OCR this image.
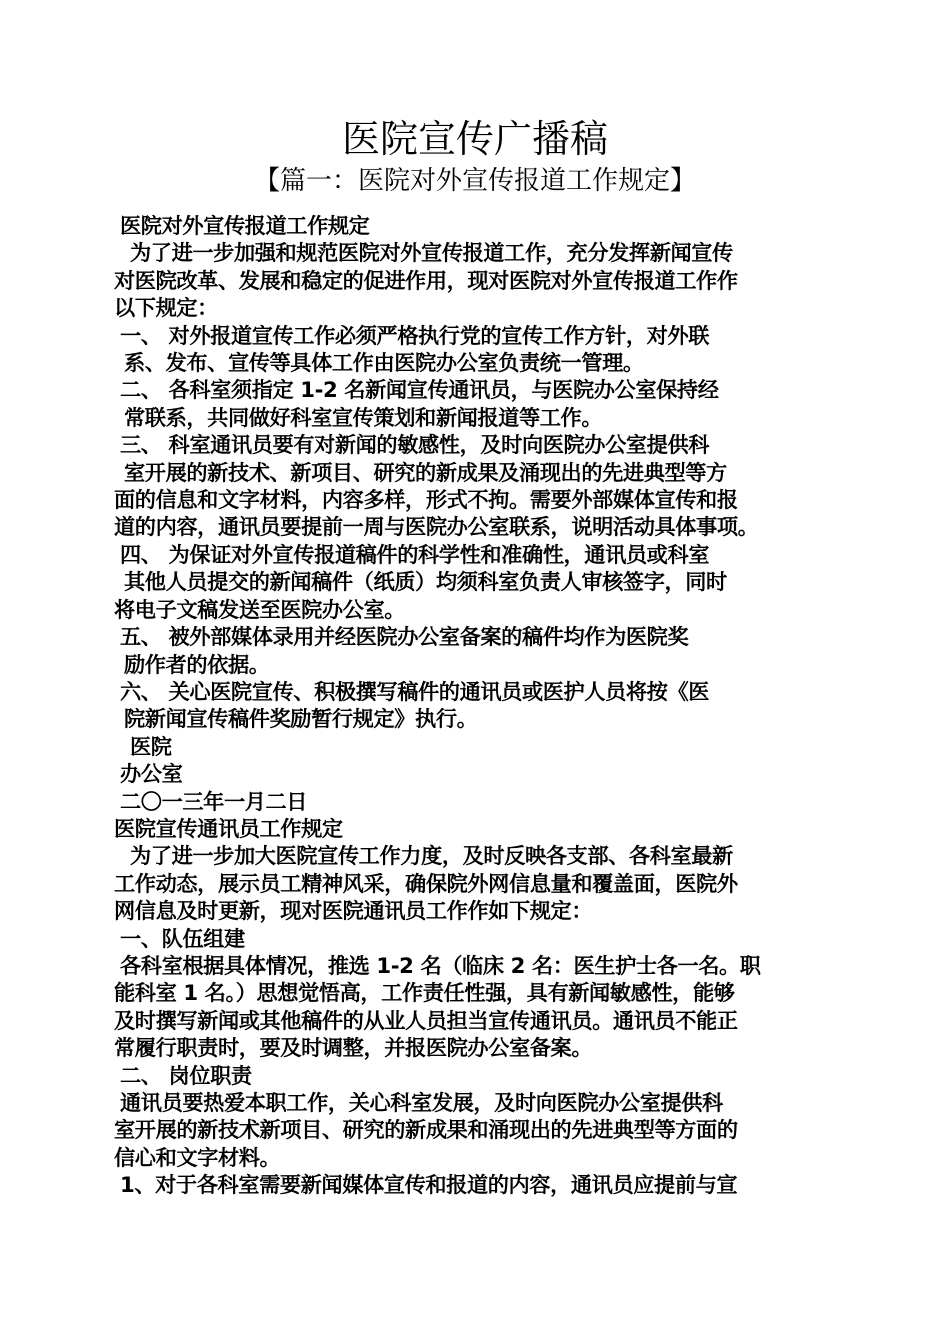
医院宣传广播稿
【篇一：医院对外宣传报道工作规定】
医院对外宣传报道工作规定
为了进一步加强和规范医院对外宣传报道工作，充分发挥新闻宣传
对医院改革、发展和稳定的促进作用，现对医院对外宣传报道工作作
以下规定：
一、 对外报道宣传工作必须严格执行党的宣传工作方针，对外联
系、发布、宣传等具体工作由医院办公室负责统一管理。
二、 各科室须指定 1-2 名新闻宣传通讯员，与医院办公室保持经
常联系，共同做好科室宣传策划和新闻报道等工作。
三、 科室通讯员要有对新闻的敏感性，及时向医院办公室提供科
室开展的新技术、新项目、研究的新成果及涌现出的先进典型等方
面的信息和文字材料，内容多样，形式不拘。需要外部媒体宣传和报
道的内容，通讯员要提前一周与医院办公室联系，说明活动具体事项。
四、 为保证对外宣传报道稿件的科学性和准确性，通讯员或科室
其他人员提交的新闻稿件（纸质）均须科室负责人审核签字，同时
将电子文稿发送至医院办公室。
五、 被外部媒体录用并经医院办公室备案的稿件均作为医院奖
励作者的依据。
六、 关心医院宣传、积极撰写稿件的通讯员或医护人员将按《医
院新闻宣传稿件奖励暂行规定》执行。
医院
办公室
二〇一三年一月二日
医院宣传通讯员工作规定
为了进一步加大医院宣传工作力度，及时反映各支部、各科室最新
工作动态，展示员工精神风采，确保院外网信息量和覆盖面，医院外
网信息及时更新，现对医院通讯员工作作如下规定：
一、队伍组建
各科室根据具体情况，推选 1-2 名（临床 2 名：医生护士各一名。职
能科室 1 名。）思想觉悟高，工作责任性强，具有新闻敏感性，能够
及时撰写新闻或其他稿件的从业人员担当宣传通讯员。通讯员不能正
常履行职责时，要及时调整，并报医院办公室备案。
二、 岗位职责
通讯员要热爱本职工作，关心科室发展，及时向医院办公室提供科
室开展的新技术新项目、研究的新成果和涌现出的先进典型等方面的
信心和文字材料。
1、对于各科室需要新闻媒体宣传和报道的内容，通讯员应提前与宣
